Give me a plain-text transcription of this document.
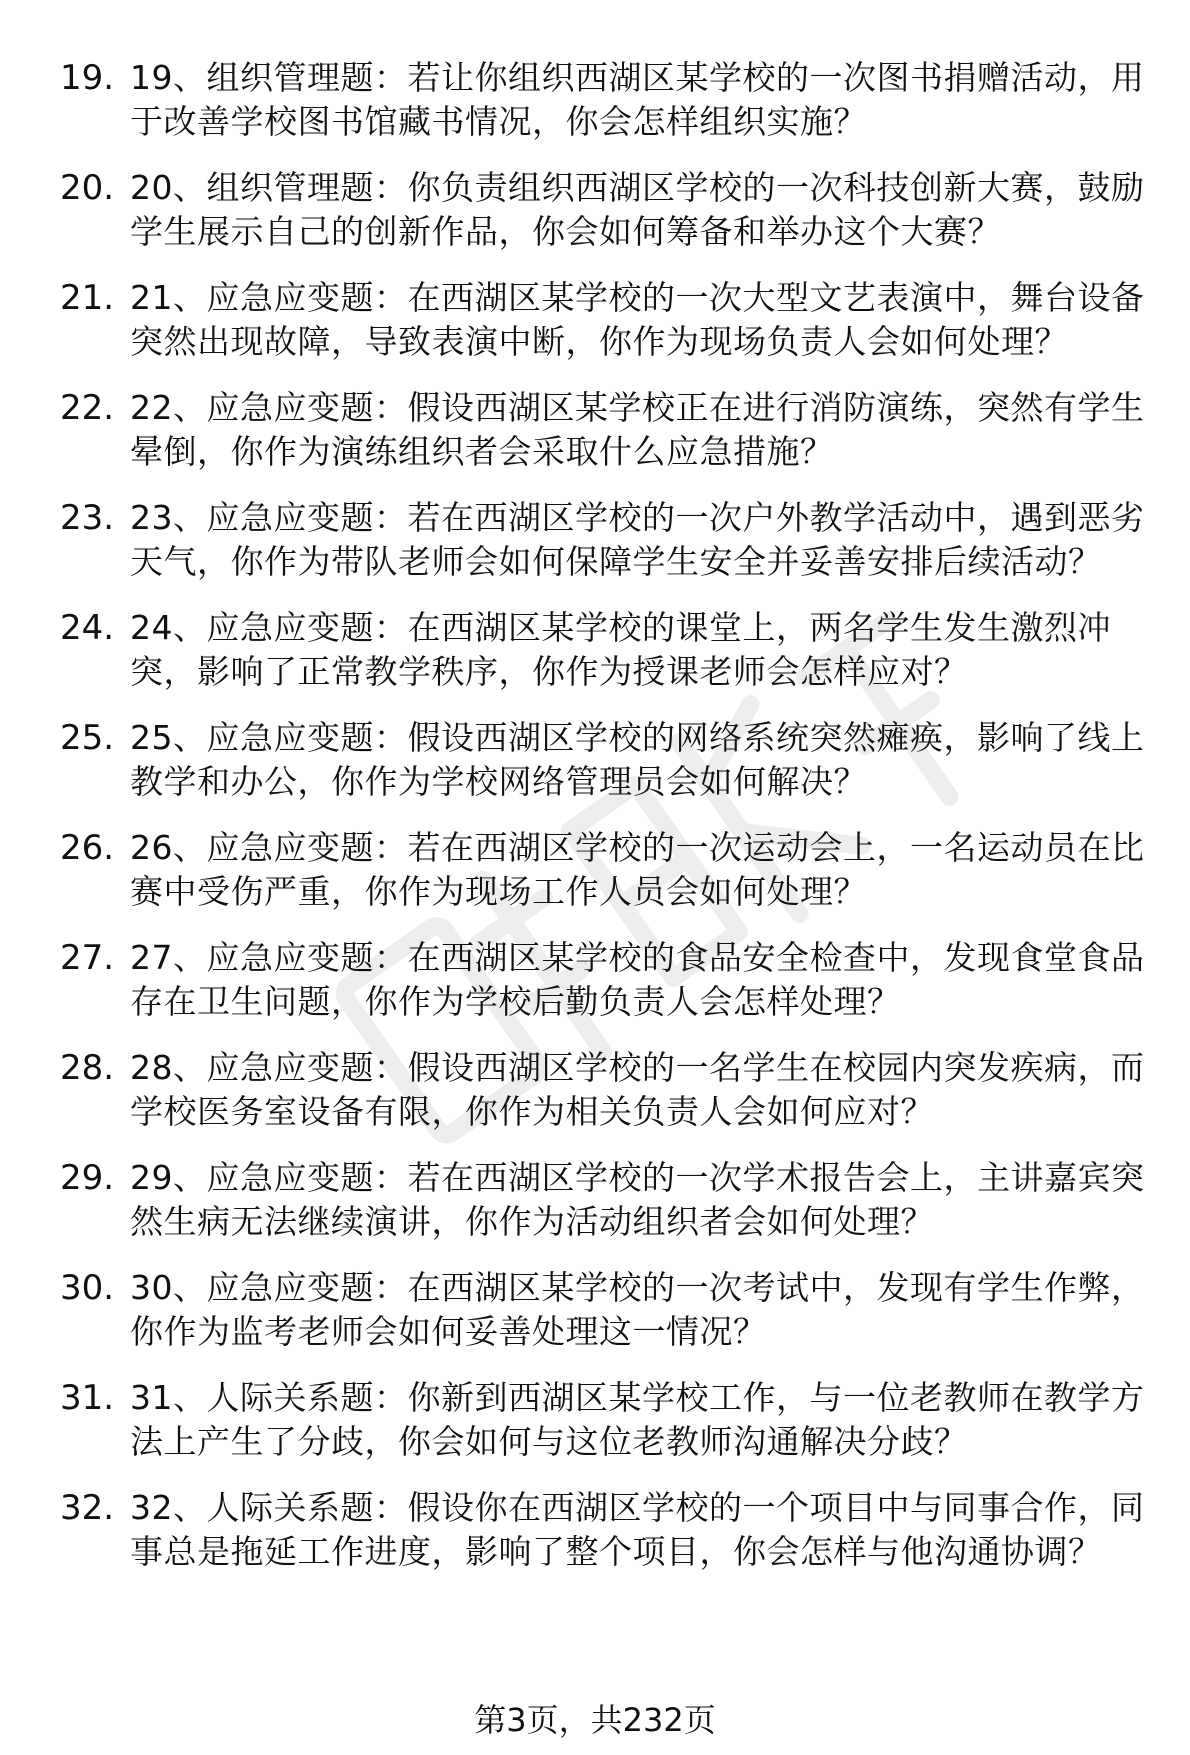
19. 19、组织管理题：若让你组织西湖区某学校的一次图书捐赠活动，用于改善学校图书馆藏书情况，你会怎样组织实施？
20. 20、组织管理题：你负责组织西湖区学校的一次科技创新大赛，鼓励学生展示自己的创新作品，你会如何筹备和举办这个大赛？
21. 21、应急应变题：在西湖区某学校的一次大型文艺表演中，舞台设备突然出现故障，导致表演中断，你作为现场负责人会如何处理？
22. 22、应急应变题：假设西湖区某学校正在进行消防演练，突然有学生晕倒，你作为演练组织者会采取什么应急措施？
23. 23、应急应变题：若在西湖区学校的一次户外教学活动中，遇到恶劣天气，你作为带队老师会如何保障学生安全并妥善安排后续活动？
24. 24、应急应变题：在西湖区某学校的课堂上，两名学生发生激烈冲突，影响了正常教学秩序，你作为授课老师会怎样应对？
25. 25、应急应变题：假设西湖区学校的网络系统突然瘫痪，影响了线上教学和办公，你作为学校网络管理员会如何解决？
26. 26、应急应变题：若在西湖区学校的一次运动会上，一名运动员在比赛中受伤严重，你作为现场工作人员会如何处理？
27. 27、应急应变题：在西湖区某学校的食品安全检查中，发现食堂食品存在卫生问题，你作为学校后勤负责人会怎样处理？
28. 28、应急应变题：假设西湖区学校的一名学生在校园内突发疾病，而学校医务室设备有限，你作为相关负责人会如何应对？
29. 29、应急应变题：若在西湖区学校的一次学术报告会上，主讲嘉宾突然生病无法继续演讲，你作为活动组织者会如何处理？
30. 30、应急应变题：在西湖区某学校的一次考试中，发现有学生作弊，你作为监考老师会如何妥善处理这一情况？
31. 31、人际关系题：你新到西湖区某学校工作，与一位老教师在教学方法上产生了分歧，你会如何与这位老教师沟通解决分歧？
32. 32、人际关系题：假设你在西湖区学校的一个项目中与同事合作，同事总是拖延工作进度，影响了整个项目，你会怎样与他沟通协调？
第3页，共232页
